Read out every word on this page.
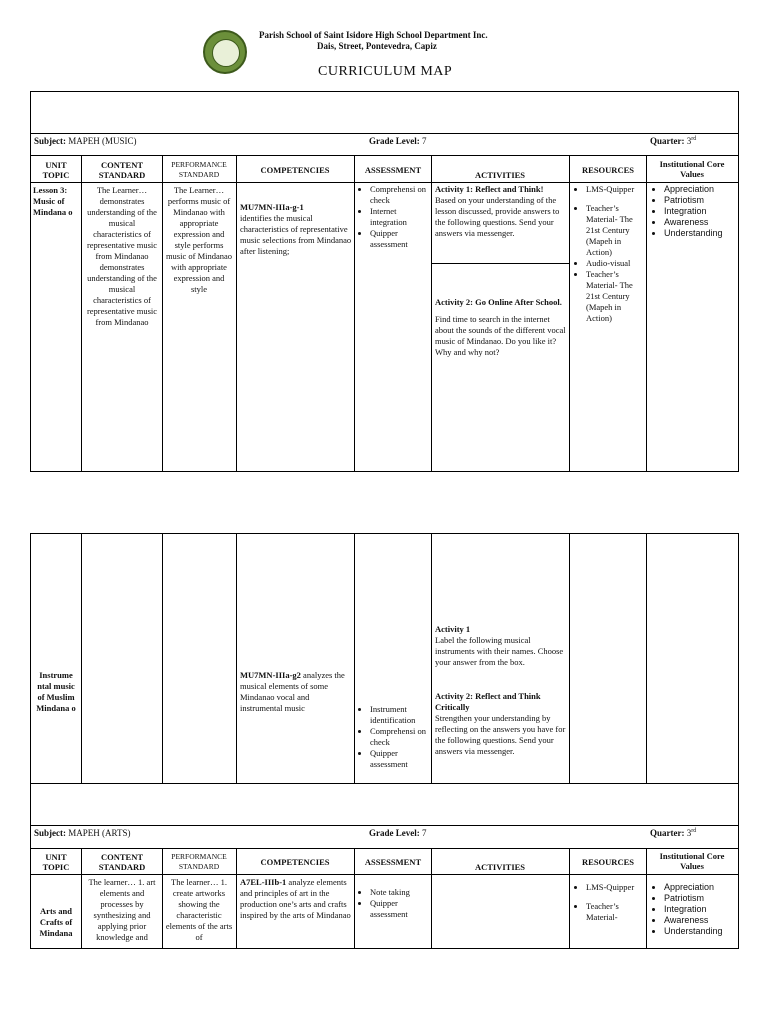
Parish School of Saint Isidore High School Department Inc.
Dais, Street, Pontevedra, Capiz
CURRICULUM MAP
Subject: MAPEH (MUSIC)	Grade Level: 7	Quarter: 3rd
UNIT TOPIC
CONTENT STANDARD
PERFORMANCE STANDARD	COMPETENCIES	ASSESSMENT	ACTIVITIES	RESOURCES
Institutional Core Values
Lesson 3: Music of Mindana o
The Learner… demonstrates understanding of the musical characteristics of representative music from Mindanao demonstrates understanding of the musical characteristics of representative music from Mindanao
The Learner… performs music of Mindanao with appropriate expression and style performs music of Mindanao with appropriate expression and style
MU7MN-IIIa-g-1
identifies the musical characteristics of representative music selections from Mindanao after listening;
• Comprehensi on check
• Internet integration
• Quipper assessment
Activity 1: Reflect and Think!
Based on your understanding of the lesson discussed, provide answers to the following questions. Send your answers via messenger.
Activity 2: Go Online After School.

Find time to search in the internet about the sounds of the different vocal music of Mindanao. Do you like it? Why and why not?
• LMS-Quipper
• Teacher’s Material- The 21st Century (Mapeh in Action)
• Audio-visual
• Teacher’s Material- The 21st Century (Mapeh in Action)
• Appreciation
• Patriotism
• Integration
• Awareness
• Understanding
Instrume ntal music of Muslim Mindana o
MU7MN-IIIa-g2 analyzes the musical elements of some Mindanao vocal and instrumental music
•	Instrument identification
• Comprehensi on check
• Quipper assessment
Activity 1
Label the following musical instruments with their names. Choose your answer from the box.
Activity 2: Reflect and Think Critically
Strengthen your understanding by reflecting on the answers you have for the following questions. Send your answers via messenger.
Subject: MAPEH (ARTS)	Grade Level: 7	Quarter: 3rd
UNIT TOPIC
CONTENT STANDARD
PERFORMANCE STANDARD	COMPETENCIES	ASSESSMENT	ACTIVITIES	RESOURCES
Institutional Core Values
Arts and Crafts of Mindana
The learner… 1. art elements and processes by synthesizing and applying prior knowledge and
The learner… 1. create artworks showing the characteristic elements of the arts of
A7EL-IIIb-1 analyze elements and principles of art in the production one’s arts and crafts inspired by the arts of Mindanao
• Note taking
• Quipper assessment
• LMS-Quipper
• Teacher’s Material-
• Appreciation
• Patriotism
• Integration
• Awareness
• Understanding
